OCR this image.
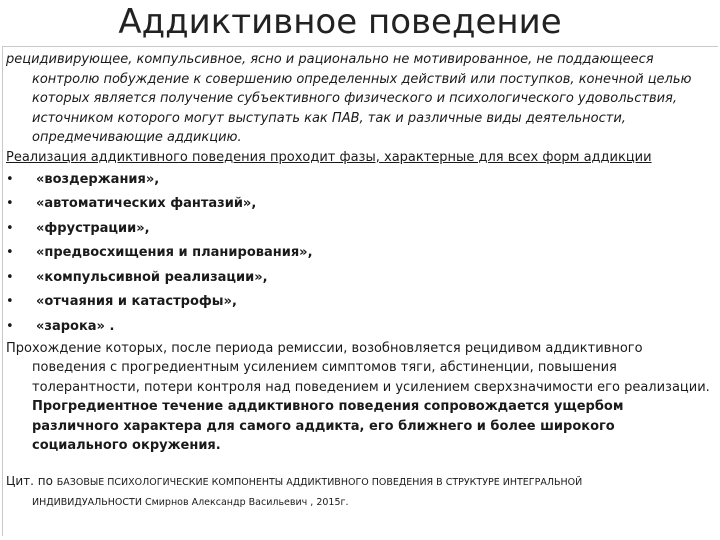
Аддиктивное поведение

рецидивирующее, компульсивное, ясно и рационально не мотивированное, не поддающееся контролю побуждение к совершению определенных действий или поступков, конечной целью которых является получение субъективного физического и психологического удовольствия, источником которого могут выступать как ПАВ, так и различные виды деятельности, опредмечивающие аддикцию.

Реализация аддиктивного поведения проходит фазы, характерные для всех форм аддикции

•	«воздержания»,
•	«автоматических фантазий»,
•	«фрустрации»,
•	«предвосхищения и планирования»,
•	«компульсивной реализации»,
•	«отчаяния и катастрофы»,
•	«зарока» .

Прохождение которых, после периода ремиссии, возобновляется рецидивом аддиктивного поведения с прогредиентным усилением симптомов тяги, абстиненции, повышения толерантности, потери контроля над поведением и усилением сверхзначимости его реализации. Прогредиентное течение аддиктивного поведения сопровождается ущербом различного характера для самого аддикта, его ближнего и более широкого социального окружения.

Цит. по БАЗОВЫЕ ПСИХОЛОГИЧЕСКИЕ КОМПОНЕНТЫ АДДИКТИВНОГО ПОВЕДЕНИЯ В СТРУКТУРЕ ИНТЕГРАЛЬНОЙ
ИНДИВИДУАЛЬНОСТИ Смирнов Александр Васильевич , 2015г.
